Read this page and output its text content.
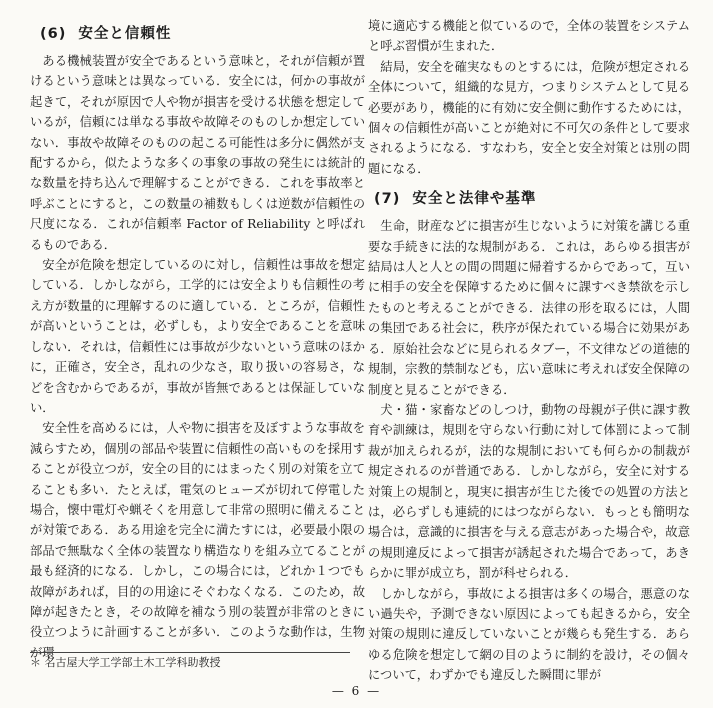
(6) 安全と信頼性

ある機械装置が安全であるという意味と，それが信頼が置けるという意味とは異なっている．安全には，何かの事故が起きて，それが原因で人や物が損害を受ける状態を想定しているが，信頼には単なる事故や故障そのものしか想定していない．事故や故障そのものの起こる可能性は多分に偶然が支配するから，似たような多くの事象の事故の発生には統計的な数量を持ち込んで理解することができる．これを事故率と呼ぶことにすると，この数量の補数もしくは逆数が信頼性の尺度になる．これが信頼率 Factor of Reliability と呼ばれるものである．

安全が危険を想定しているのに対し，信頼性は事故を想定している．しかしながら，工学的には安全よりも信頼性の考え方が数量的に理解するのに適している．ところが，信頼性が高いということは，必ずしも，より安全であることを意味しない．それは，信頼性には事故が少ないという意味のほかに，正確さ，安全さ，乱れの少なさ，取り扱いの容易さ，などを含むからであるが，事故が皆無であるとは保証していない．

安全性を高めるには，人や物に損害を及ぼすような事故を減らすため，個別の部品や装置に信頼性の高いものを採用することが役立つが，安全の目的にはまったく別の対策を立てることも多い．たとえば，電気のヒューズが切れて停電した場合，懐中電灯や蝋そくを用意して非常の照明に備えることが対策である．ある用途を完全に満たすには，必要最小限の部品で無駄なく全体の装置なり構造なりを組み立てることが最も経済的になる．しかし，この場合には，どれか１つでも故障があれば，目的の用途にそぐわなくなる．このため，故障が起きたとき，その故障を補なう別の装置が非常のときに役立つように計画することが多い．このような動作は，生物が環

境に適応する機能と似ているので，全体の装置をシステムと呼ぶ習慣が生まれた．

結局，安全を確実なものとするには，危険が想定される全体について，組織的な見方，つまりシステムとして見る必要があり，機能的に有効に安全側に動作するためには，個々の信頼性が高いことが絶対に不可欠の条件として要求されるようになる．すなわち，安全と安全対策とは別の問題になる．

(7) 安全と法律や基準

生命，財産などに損害が生じないように対策を講じる重要な手続きに法的な規制がある．これは，あらゆる損害が結局は人と人との間の問題に帰着するからであって，互いに相手の安全を保障するために個々に課すべき禁欲を示したものと考えることができる．法律の形を取るには，人間の集団である社会に，秩序が保たれている場合に効果がある．原始社会などに見られるタブー，不文律などの道徳的規制，宗教的禁制なども，広い意味に考えれば安全保障の制度と見ることができる．

犬・猫・家畜などのしつけ，動物の母親が子供に課す教育や訓練は，規則を守らない行動に対して体罰によって制裁が加えられるが，法的な規制においても何らかの制裁が規定されるのが普通である．しかしながら，安全に対する対策上の規制と，現実に損害が生じた後での処置の方法とは，必らずしも連続的にはつながらない．もっとも簡明な場合は，意識的に損害を与える意志があった場合や，故意の規則違反によって損害が誘起された場合であって，あきらかに罪が成立ち，罰が科せられる．

しかしながら，事故による損害は多くの場合，悪意のない過失や，予測できない原因によっても起きるから，安全対策の規則に違反していないことが幾らも発生する．あらゆる危険を想定して網の目のように制約を設け，その個々について，わずかでも違反した瞬間に罪が

＊ 名古屋大学工学部土木工学科助教授
— 6 —
